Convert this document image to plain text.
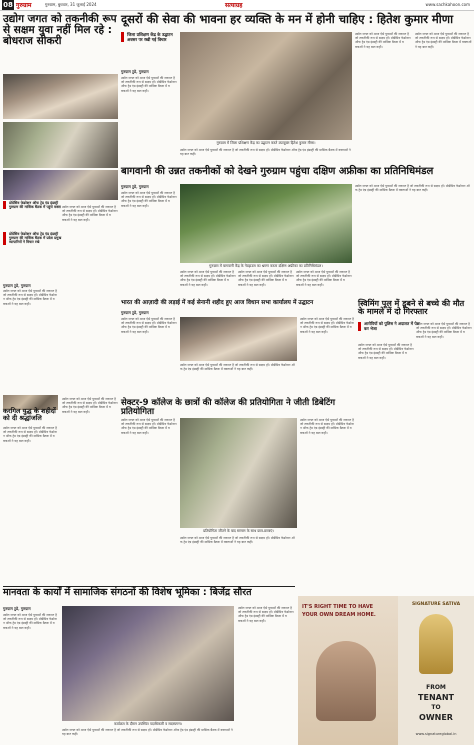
08 गुरुग्राम	गुरुग्राम, बुधवार, 31 जुलाई 2024	सत्याग्रह	www.sachkahoon.com
उद्योग जगत को तकनीकी रूप से सक्षम युवा नहीं मिल रहे : बोधराज सीकरी
प्रोग्रेसिव फेडरेशन ऑफ ट्रेड एंड इंडस्ट्री गुरुग्राम की मासिक बैठक में पहुंचे वक्ता
प्रोग्रेसिव फेडरेशन ऑफ ट्रेड एंड इंडस्ट्री गुरुग्राम की मासिक बैठक में प्रदेश प्रमुख व्यापारियों ने विचार रखे
गुरुग्राम टुडे, गुरुग्राम
उद्योग जगत को आज ऐसे युवाओं की जरूरत है जो तकनीकी रूप से सक्षम हों। प्रोग्रेसिव फेडरेशन ऑफ ट्रेड एंड इंडस्ट्री की मासिक बैठक में वक्ताओं ने यह बात कही।
उद्योग जगत को आज ऐसे युवाओं की जरूरत है जो तकनीकी रूप से सक्षम हों। प्रोग्रेसिव फेडरेशन ऑफ ट्रेड एंड इंडस्ट्री की मासिक बैठक में वक्ताओं ने यह बात कही।
करगिल युद्ध के शहीदों को दी श्रद्धांजलि
उद्योग जगत को आज ऐसे युवाओं की जरूरत है जो तकनीकी रूप से सक्षम हों। प्रोग्रेसिव फेडरेशन ऑफ ट्रेड एंड इंडस्ट्री की मासिक बैठक में वक्ताओं ने यह बात कही।
उद्योग जगत को आज ऐसे युवाओं की जरूरत है जो तकनीकी रूप से सक्षम हों। प्रोग्रेसिव फेडरेशन ऑफ ट्रेड एंड इंडस्ट्री की मासिक बैठक में वक्ताओं ने यह बात कही।
दूसरों की सेवा की भावना हर व्यक्ति के मन में होनी चाहिए : हितेश कुमार मीणा
जिला प्रशिक्षण केंद्र के उद्घाटन अवसर पर रखी गई विचार
गुरुग्राम टुडे, गुरुग्राम
उद्योग जगत को आज ऐसे युवाओं की जरूरत है जो तकनीकी रूप से सक्षम हों। प्रोग्रेसिव फेडरेशन ऑफ ट्रेड एंड इंडस्ट्री की मासिक बैठक में वक्ताओं ने यह बात कही।
गुरुग्राम में जिला प्रशिक्षण केंद्र का उद्घाटन करते उपायुक्त हितेश कुमार मीणा।
उद्योग जगत को आज ऐसे युवाओं की जरूरत है जो तकनीकी रूप से सक्षम हों। प्रोग्रेसिव फेडरेशन ऑफ ट्रेड एंड इंडस्ट्री की मासिक बैठक में वक्ताओं ने यह बात कही।
उद्योग जगत को आज ऐसे युवाओं की जरूरत है जो तकनीकी रूप से सक्षम हों। प्रोग्रेसिव फेडरेशन ऑफ ट्रेड एंड इंडस्ट्री की मासिक बैठक में वक्ताओं ने यह बात कही।
उद्योग जगत को आज ऐसे युवाओं की जरूरत है जो तकनीकी रूप से सक्षम हों। प्रोग्रेसिव फेडरेशन ऑफ ट्रेड एंड इंडस्ट्री की मासिक बैठक में वक्ताओं ने यह बात कही।
बागवानी की उन्नत तकनीकों को देखने गुरुग्राम पहुंचा दक्षिण अफ्रीका का प्रतिनिधिमंडल
गुरुग्राम टुडे, गुरुग्राम
उद्योग जगत को आज ऐसे युवाओं की जरूरत है जो तकनीकी रूप से सक्षम हों। प्रोग्रेसिव फेडरेशन ऑफ ट्रेड एंड इंडस्ट्री की मासिक बैठक में वक्ताओं ने यह बात कही।
गुरुग्राम में बागवानी केंद्र के नेटहाउस का भ्रमण करता दक्षिण अफ्रीका का प्रतिनिधिमंडल।
उद्योग जगत को आज ऐसे युवाओं की जरूरत है जो तकनीकी रूप से सक्षम हों। प्रोग्रेसिव फेडरेशन ऑफ ट्रेड एंड इंडस्ट्री की मासिक बैठक में वक्ताओं ने यह बात कही।
उद्योग जगत को आज ऐसे युवाओं की जरूरत है जो तकनीकी रूप से सक्षम हों। प्रोग्रेसिव फेडरेशन ऑफ ट्रेड एंड इंडस्ट्री की मासिक बैठक में वक्ताओं ने यह बात कही।
उद्योग जगत को आज ऐसे युवाओं की जरूरत है जो तकनीकी रूप से सक्षम हों। प्रोग्रेसिव फेडरेशन ऑफ ट्रेड एंड इंडस्ट्री की मासिक बैठक में वक्ताओं ने यह बात कही।
उद्योग जगत को आज ऐसे युवाओं की जरूरत है जो तकनीकी रूप से सक्षम हों। प्रोग्रेसिव फेडरेशन ऑफ ट्रेड एंड इंडस्ट्री की मासिक बैठक में वक्ताओं ने यह बात कही।
भारत की आज़ादी की लड़ाई में कई सेनानी शहीद हुए आज विधान सभा कार्यालय में उद्घाटन
गुरुग्राम टुडे, गुरुग्राम
उद्योग जगत को आज ऐसे युवाओं की जरूरत है जो तकनीकी रूप से सक्षम हों। प्रोग्रेसिव फेडरेशन ऑफ ट्रेड एंड इंडस्ट्री की मासिक बैठक में वक्ताओं ने यह बात कही।
उद्योग जगत को आज ऐसे युवाओं की जरूरत है जो तकनीकी रूप से सक्षम हों। प्रोग्रेसिव फेडरेशन ऑफ ट्रेड एंड इंडस्ट्री की मासिक बैठक में वक्ताओं ने यह बात कही।
उद्योग जगत को आज ऐसे युवाओं की जरूरत है जो तकनीकी रूप से सक्षम हों। प्रोग्रेसिव फेडरेशन ऑफ ट्रेड एंड इंडस्ट्री की मासिक बैठक में वक्ताओं ने यह बात कही।
स्विमिंग पूल में डूबने से बच्चे की मौत के मामले में दो गिरफ्तार
आरोपियों को पुलिस ने अदालत में पेश कर भेजा
उद्योग जगत को आज ऐसे युवाओं की जरूरत है जो तकनीकी रूप से सक्षम हों। प्रोग्रेसिव फेडरेशन ऑफ ट्रेड एंड इंडस्ट्री की मासिक बैठक में वक्ताओं ने यह बात कही।
उद्योग जगत को आज ऐसे युवाओं की जरूरत है जो तकनीकी रूप से सक्षम हों। प्रोग्रेसिव फेडरेशन ऑफ ट्रेड एंड इंडस्ट्री की मासिक बैठक में वक्ताओं ने यह बात कही।
सेक्टर-9 कॉलेज के छात्रों की कॉलेज की प्रतियोगिता ने जीती डिबेटिंग प्रतियोगिता
उद्योग जगत को आज ऐसे युवाओं की जरूरत है जो तकनीकी रूप से सक्षम हों। प्रोग्रेसिव फेडरेशन ऑफ ट्रेड एंड इंडस्ट्री की मासिक बैठक में वक्ताओं ने यह बात कही।
प्रतियोगिता जीतने के बाद सम्मान के साथ छात्र-छात्राएं।
उद्योग जगत को आज ऐसे युवाओं की जरूरत है जो तकनीकी रूप से सक्षम हों। प्रोग्रेसिव फेडरेशन ऑफ ट्रेड एंड इंडस्ट्री की मासिक बैठक में वक्ताओं ने यह बात कही।
उद्योग जगत को आज ऐसे युवाओं की जरूरत है जो तकनीकी रूप से सक्षम हों। प्रोग्रेसिव फेडरेशन ऑफ ट्रेड एंड इंडस्ट्री की मासिक बैठक में वक्ताओं ने यह बात कही।
मानवता के कार्यों में सामाजिक संगठनों की विशेष भूमिका : बिजेंद्र सौरत
गुरुग्राम टुडे, गुरुग्राम
उद्योग जगत को आज ऐसे युवाओं की जरूरत है जो तकनीकी रूप से सक्षम हों। प्रोग्रेसिव फेडरेशन ऑफ ट्रेड एंड इंडस्ट्री की मासिक बैठक में वक्ताओं ने यह बात कही।
कार्यक्रम के दौरान उपस्थित पदाधिकारी व सदस्यगण।
उद्योग जगत को आज ऐसे युवाओं की जरूरत है जो तकनीकी रूप से सक्षम हों। प्रोग्रेसिव फेडरेशन ऑफ ट्रेड एंड इंडस्ट्री की मासिक बैठक में वक्ताओं ने यह बात कही।
उद्योग जगत को आज ऐसे युवाओं की जरूरत है जो तकनीकी रूप से सक्षम हों। प्रोग्रेसिव फेडरेशन ऑफ ट्रेड एंड इंडस्ट्री की मासिक बैठक में वक्ताओं ने यह बात कही।
IT'S RIGHT TIME TO HAVE
YOUR OWN DREAM HOME.
SIGNATURE SATIVA
FROM
TENANT
TO
OWNER
www.signatureglobal.in
